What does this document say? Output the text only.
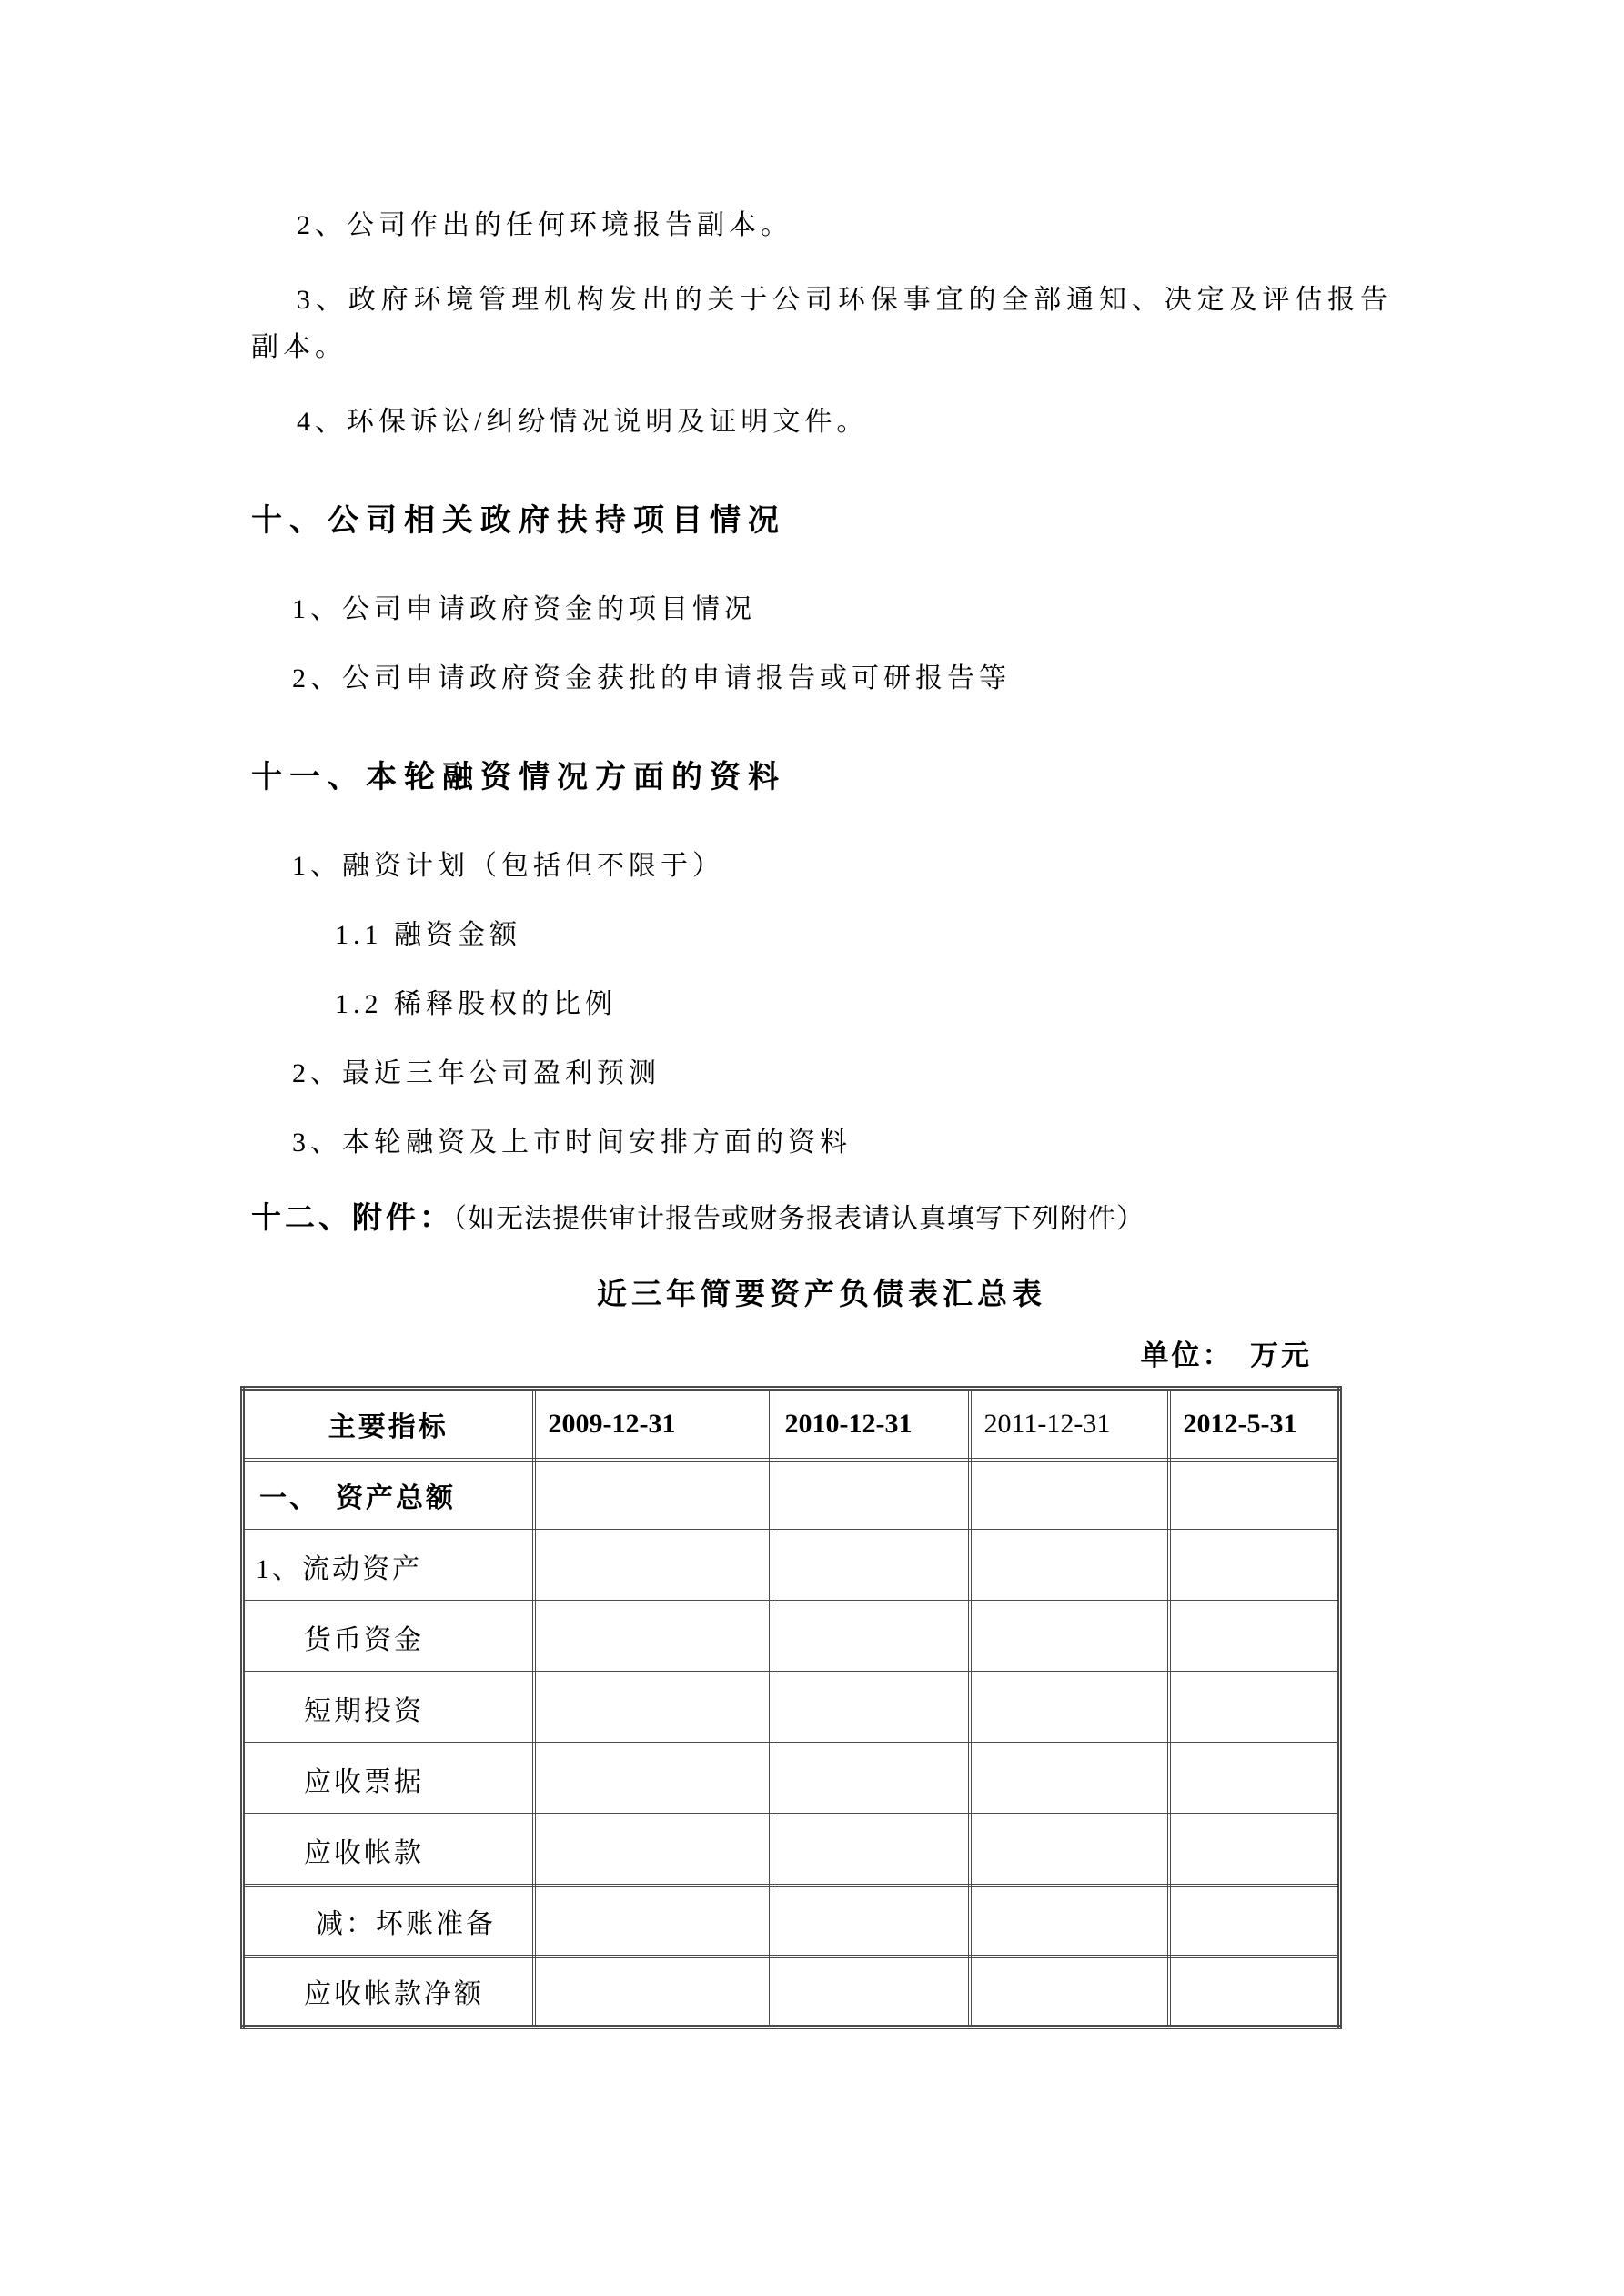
2、公司作出的任何环境报告副本。

3、政府环境管理机构发出的关于公司环保事宜的全部通知、决定及评估报告副本。

4、环保诉讼/纠纷情况说明及证明文件。

十、公司相关政府扶持项目情况

1、公司申请政府资金的项目情况

2、公司申请政府资金获批的申请报告或可研报告等

十一、本轮融资情况方面的资料

1、融资计划（包括但不限于）

1.1 融资金额

1.2 稀释股权的比例

2、最近三年公司盈利预测

3、本轮融资及上市时间安排方面的资料

十二、附件：（如无法提供审计报告或财务报表请认真填写下列附件）

近三年简要资产负债表汇总表

单位：　万元

主要指标	2009-12-31	2010-12-31	2011-12-31	2012-5-31
一、　资产总额				
1、流动资产				
货币资金				
短期投资				
应收票据				
应收帐款				
减：坏账准备				
应收帐款净额				
